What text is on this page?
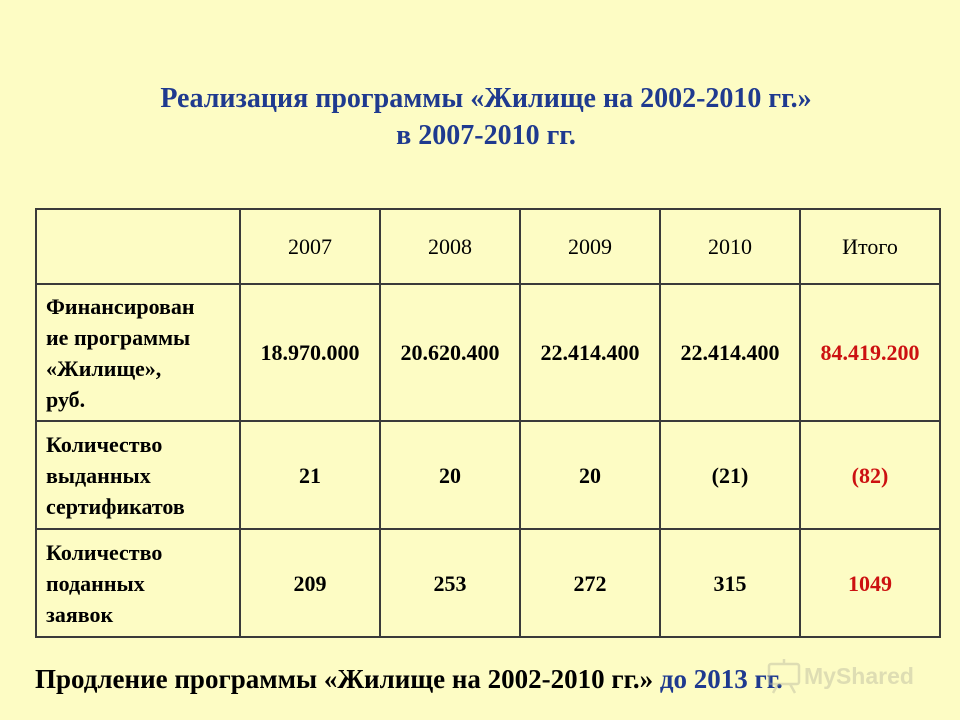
Реализация программы «Жилище на 2002-2010 гг.»
в 2007-2010 гг.
	2007	2008	2009	2010	Итого

Финансирован
ие программы
«Жилище»,
руб.	18.970.000	20.620.400	22.414.400	22.414.400	84.419.200

Количество
выданных
сертификатов	21	20	20	(21)	(82)

Количество
поданных
заявок	209	253	272	315	1049
Продление программы «Жилище на 2002-2010 гг.» до 2013 гг. MyShared
